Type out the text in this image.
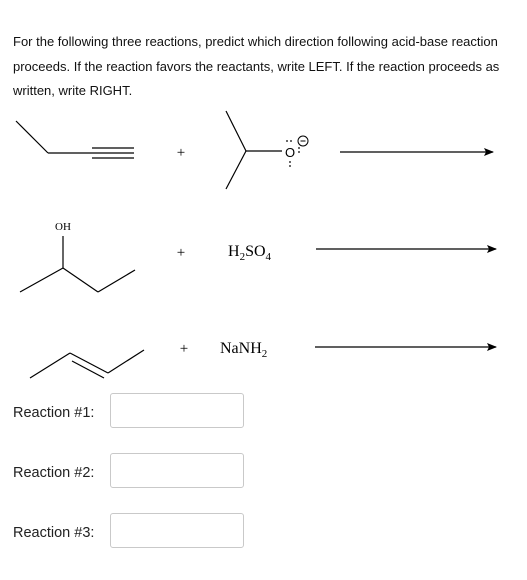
For the following three reactions, predict which direction following acid-base reaction proceeds. If the reaction favors the reactants, write LEFT. If the reaction proceeds as written, write RIGHT.
+	O
OH
+	$H_2SO_4$
+ NaNH$_2$
Reaction #1:
Reaction #2:
Reaction #3:
